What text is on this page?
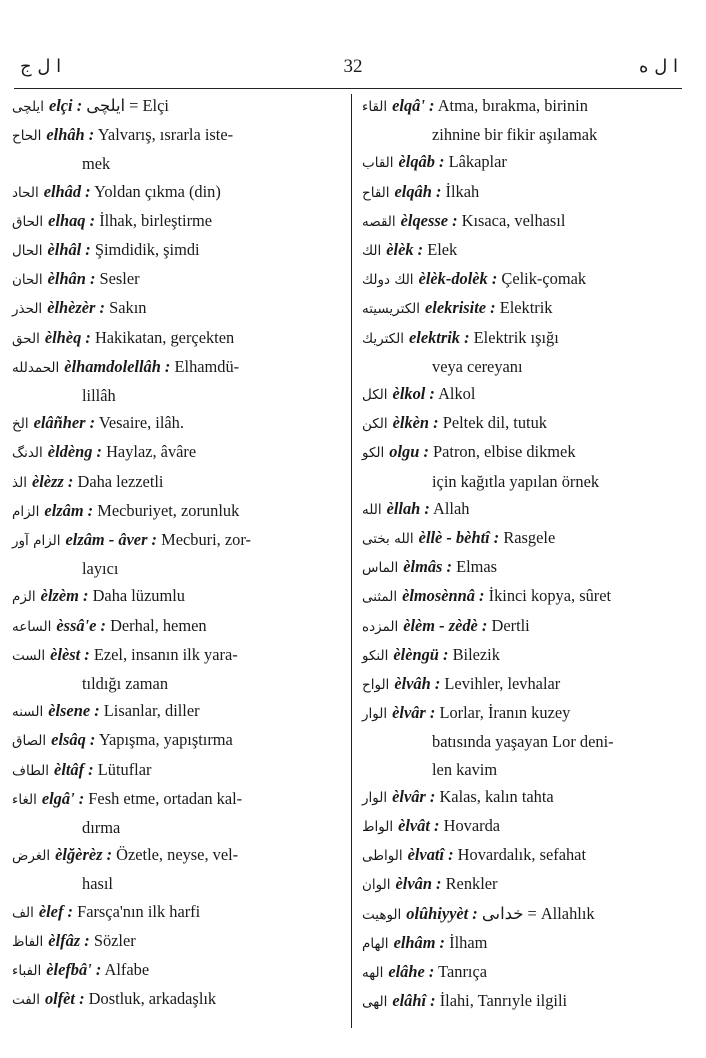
ا ل ج	32	ا ل ه
ايلچى elçi : ايلچى = Elçi
الحاح elhâh : Yalvarış, ısrarla iste-
mek
الحاد elhâd : Yoldan çıkma (din)
الحاق elhaq : İlhak, birleştirme
الحال èlhâl : Şimdidik, şimdi
الحان èlhân : Sesler
الحذر èlhèzèr : Sakın
الحق èlhèq : Hakikatan, gerçekten
الحمدلله èlhamdolellâh : Elhamdü-
lillâh
الخ elâñher : Vesaire, ilâh.
الدنگ èldèng : Haylaz, âvâre
الذ èlèzz : Daha lezzetli
الزام elzâm : Mecburiyet, zorunluk
الزام آور elzâm - âver : Mecburi, zor-
layıcı
الزم èlzèm : Daha lüzumlu
الساعه èssâ'e : Derhal, hemen
الست èlèst : Ezel, insanın ilk yara-
tıldığı zaman
السنه èlsene : Lisanlar, diller
الصاق elsâq : Yapışma, yapıştırma
الطاف èltâf : Lütuflar
الغاء elgâ' : Fesh etme, ortadan kal-
dırma
الغرض èlğèrèz : Özetle, neyse, vel-
hasıl
الف èlef : Farsça'nın ilk harfi
الفاظ èlfâz : Sözler
الفباء èlefbâ' : Alfabe
الفت olfèt : Dostluk, arkadaşlık
القاء elqâ' : Atma, bırakma, birinin
zihnine bir fikir aşılamak
القاب èlqâb : Lâkaplar
القاح elqâh : İlkah
القصه èlqesse : Kısaca, velhasıl
الك èlèk : Elek
الك دولك èlèk-dolèk : Çelik-çomak
الكتريسيته elekrisite : Elektrik
الكتريك elektrik : Elektrik ışığı
veya cereyanı
الكل èlkol : Alkol
الكن èlkèn : Peltek dil, tutuk
الكو olgu : Patron, elbise dikmek
için kağıtla yapılan örnek
الله èllah : Allah
الله بختى èllè - bèhtî : Rasgele
الماس èlmâs : Elmas
المثنى èlmosènnâ : İkinci kopya, sûret
المزده èlèm - zèdè : Dertli
النكو èlèngü : Bilezik
الواح èlvâh : Levihler, levhalar
الوار èlvâr : Lorlar, İranın kuzey
batısında yaşayan Lor deni-
len kavim
الوار èlvâr : Kalas, kalın tahta
الواط èlvât : Hovarda
الواطى èlvatî : Hovardalık, sefahat
الوان èlvân : Renkler
الوهيت olûhiyyèt : خداىى = Allahlık
الهام elhâm : İlham
الهه elâhe : Tanrıça
الهى elâhî : İlahi, Tanrıyle ilgili
